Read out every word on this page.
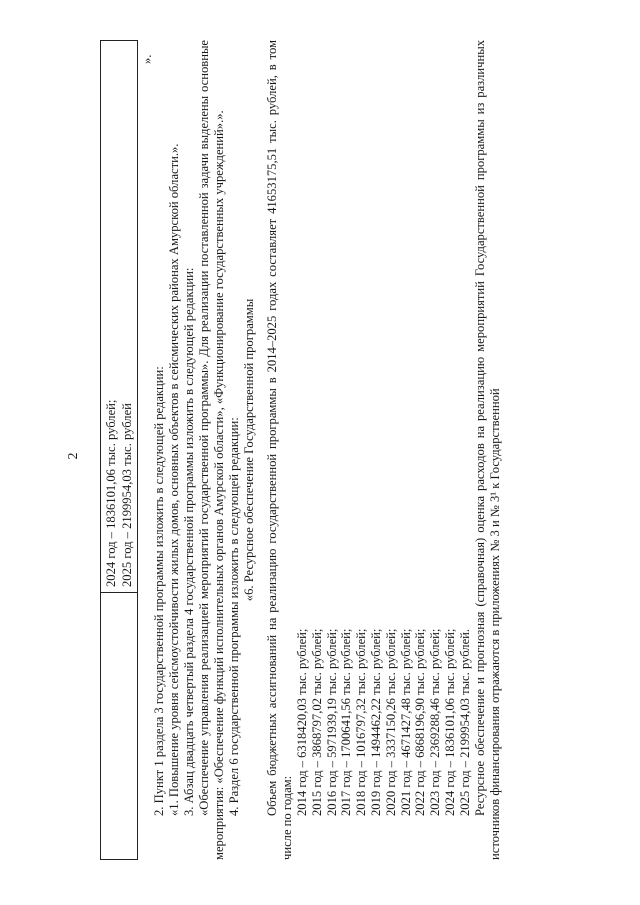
2 2024 год – 1836101,06 тыс. рублей; 2025 год – 2199954,03 тыс. рублей
».

2. Пункт 1 раздела 3 государственной программы изложить в следующей редакции: «1. Повышение уровня сейсмоустойчивости жилых домов, основных объектов в сейсмических районах Амурской области.». 3. Абзац двадцать четвертый раздела 4 государственной программы изложить в следующей редакции: «Обеспечение управления реализацией мероприятий государственной программы». Для реализации поставленной задачи выделены основные мероприятия: «Обеспечение функций исполнительных органов Амурской области», «Функционирование государственных учреждений».». 4. Раздел 6 государственной программы изложить в следующей редакции: «6. Ресурсное обеспечение Государственной программы Объем бюджетных ассигнований на реализацию государственной программы в 2014–2025 годах составляет 41653175,51 тыс. рублей, в том числе по годам:

2014 год – 6318420,03 тыс. рублей; 2015 год – 3868797,02 тыс. рублей; 2016 год – 5971939,19 тыс. рублей; 2017 год – 1700641,56 тыс. рублей; 2018 год – 1016797,32 тыс. рублей; 2019 год – 1494462,22 тыс. рублей; 2020 год – 3337150,26 тыс. рублей; 2021 год – 4671427,48 тыс. рублей; 2022 год – 6868196,90 тыс. рублей; 2023 год – 2369288,46 тыс. рублей; 2024 год – 1836101,06 тыс. рублей; 2025 год – 2199954,03 тыс. рублей. Ресурсное обеспечение и прогнозная (справочная) оценка расходов на реализацию мероприятий Государственной программы из различных источников финансирования отражаются в приложениях № 3 и № 3¹ к Государственной
